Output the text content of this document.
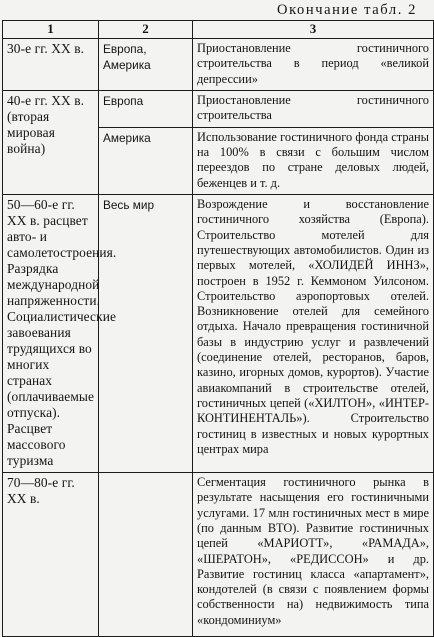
Окончание табл. 2
1	2	3
30-е гг. ХХ в.	Европа, Америка	Приостановление гостиничного строительства в период «великой депрессии»
40-е гг. ХХ в. (вторая мировая война)	Европа	Приостановление гостиничного строительства
	Америка	Использование гостиничного фонда страны на 100% в связи с большим числом переездов по стране деловых людей, беженцев и т. д.
50—60-е гг. ХХ в. расцвет авто- и самолетостроения. Разрядка международной напряженности. Социалистические завоевания трудящихся во многих странах (оплачиваемые отпуска). Расцвет массового туризма	Весь мир	Возрождение и восстановление гостиничного хозяйства (Европа). Строительство мотелей для путешествующих автомобилистов. Один из первых мотелей, «ХОЛИДЕЙ ИННЗ», построен в 1952 г. Кеммоном Уилсоном. Строительство аэропортовых отелей. Возникновение отелей для семейного отдыха. Начало превращения гостиничной базы в индустрию услуг и развлечений (соединение отелей, ресторанов, баров, казино, игорных домов, курортов). Участие авиакомпаний в строительстве отелей, гостиничных цепей («ХИЛТОН», «ИНТЕР-КОНТИНЕНТАЛЬ»). Строительство гостиниц в известных и новых курортных центрах мира
70—80-е гг. ХХ в.		Сегментация гостиничного рынка в результате насыщения его гостиничными услугами. 17 млн гостиничных мест в мире (по данным ВТО). Развитие гостиничных цепей «МАРИОТТ», «РАМАДА», «ШЕРАТОН», «РЕДИССОН» и др. Развитие гостиниц класса «апартамент», кондотелей (в связи с появлением формы собственности на) недвижимость типа «кондоминиум»
